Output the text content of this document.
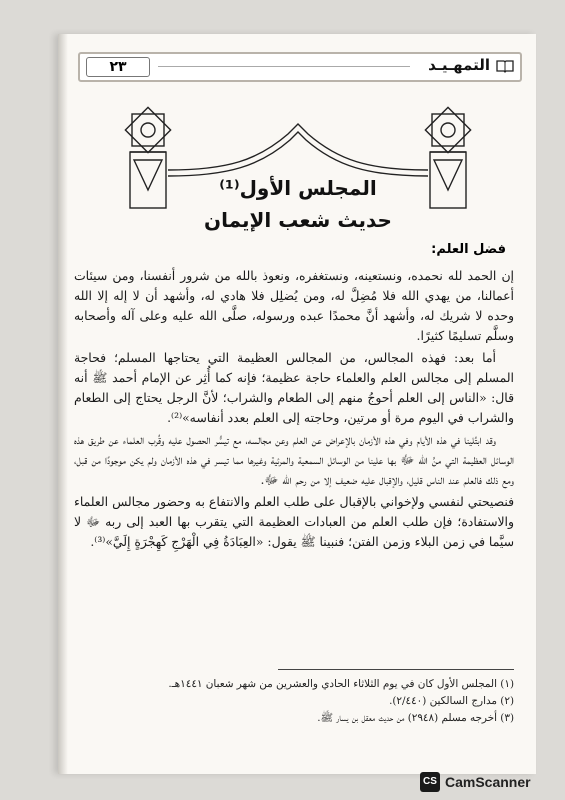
٢٣	التمهـيـد
المجلس الأول⁽¹⁾
حديث شعب الإيمان
فضل العلم:

إن الحمد لله نحمده، ونستعينه، ونستغفره، ونعوذ بالله من شرور أنفسنا، ومن سيئات أعمالنا، من يهدي الله فلا مُضِلَّ له، ومن يُضلِل فلا هادي له، وأشهد أن لا إله إلا الله وحده لا شريك له، وأشهد أنَّ محمدًا عبده ورسوله، صلَّى الله عليه وعلى آله وأصحابه وسلَّم تسليمًا كثيرًا.

أما بعد: فهذه المجالس، من المجالس العظيمة التي يحتاجها المسلم؛ فحاجة المسلم إلى مجالس العلم والعلماء حاجة عظيمة؛ فإنه كما أُثِر عن الإمام أحمد ﷺ أنه قال: «الناس إلى العلم أحوجُ منهم إلى الطعام والشراب؛ لأنَّ الرجل يحتاج إلى الطعام والشراب في اليوم مرة أو مرتين، وحاجته إلى العلم بعدد أنفاسه»⁽²⁾.

وقد ابتُلينا في هذه الأيام وفي هذه الأزمان بالإعراض عن العلم وعن مجالسه، مع تيسُّر الحصول عليه وقُرب العلماء عن طريق هذه الوسائل العظيمة التي منَّ الله ﷻ بها علينا من الوسائل السمعية والمرئية وغيرها مما تيسر في هذه الأزمان ولم يكن موجودًا من قبل، ومع ذلك فالعلم عند الناس قليل، والإقبال عليه ضعيف إلا من رحم الله ﷻ.

فنصيحتي لنفسي ولإخواني بالإقبال على طلب العلم والانتفاع به وحضور مجالس العلماء والاستفادة؛ فإن طلب العلم من العبادات العظيمة التي يتقرب بها العبد إلى ربه ﷻ لا سيَّما في زمن البلاء وزمن الفتن؛ فنبينا ﷺ يقول: «العِبَادَةُ فِي الْهَرْجِ كَهِجْرَةٍ إِلَيَّ»⁽³⁾.

(١) المجلس الأول كان في يوم الثلاثاء الحادي والعشرين من شهر شعبان ١٤٤١هـ.
(٢) مدارج السالكين (٢/٤٤٠).
(٣) أخرجه مسلم (٢٩٤٨) من حديث معقل بن يسار ﷺ.
CS CamScanner
